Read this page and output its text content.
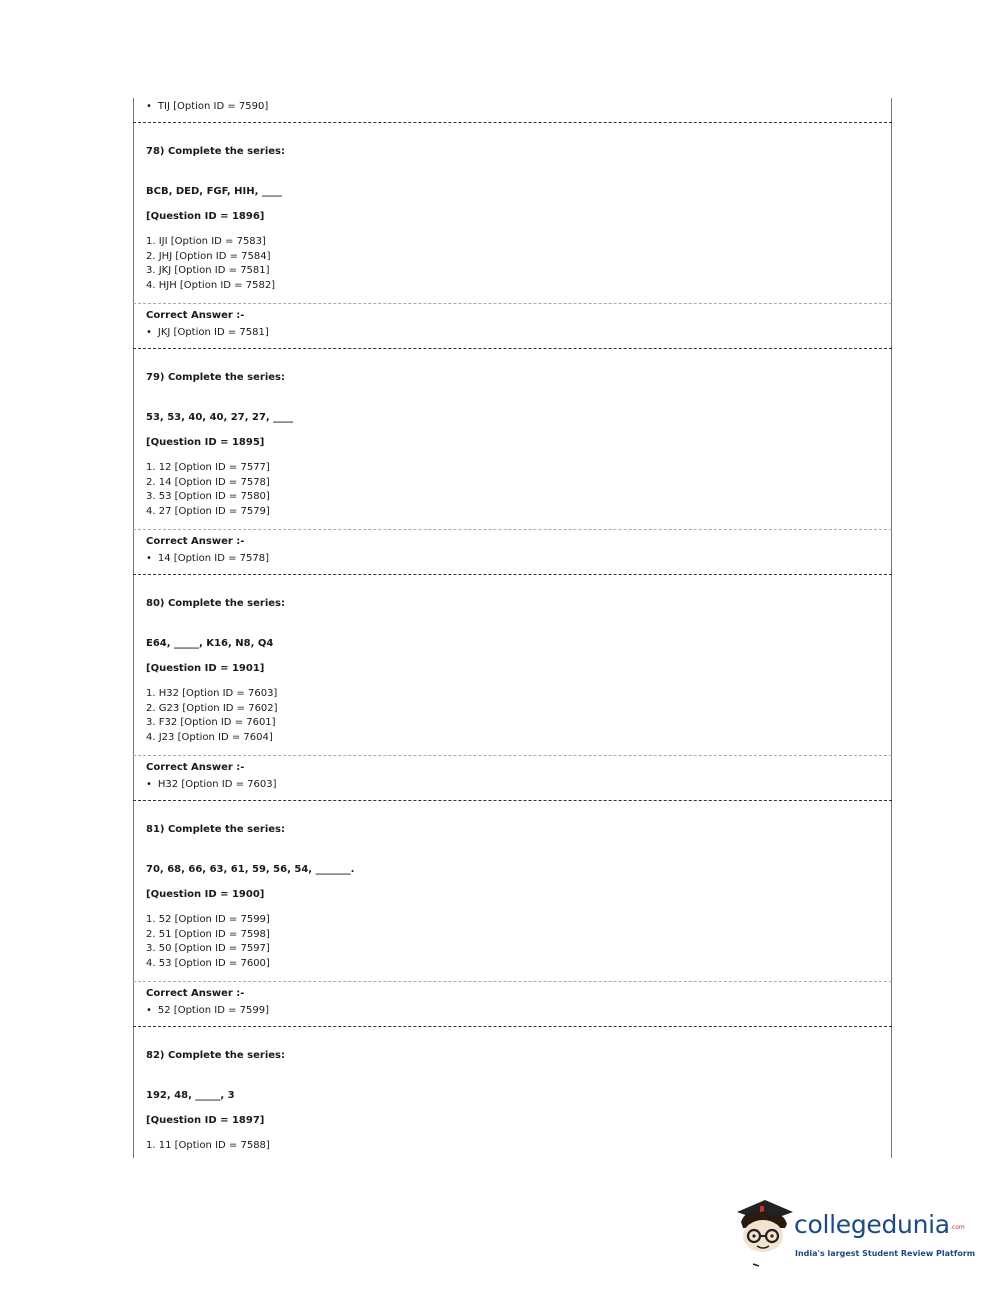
• TIJ [Option ID = 7590]
78) Complete the series:
BCB, DED, FGF, HIH, ____
[Question ID = 1896]
1. IJI [Option ID = 7583]
2. JHJ [Option ID = 7584]
3. JKJ [Option ID = 7581]
4. HJH [Option ID = 7582]
Correct Answer :-
• JKJ [Option ID = 7581]
79) Complete the series:
53, 53, 40, 40, 27, 27, ____
[Question ID = 1895]
1. 12 [Option ID = 7577]
2. 14 [Option ID = 7578]
3. 53 [Option ID = 7580]
4. 27 [Option ID = 7579]
Correct Answer :-
• 14 [Option ID = 7578]
80) Complete the series:
E64, _____, K16, N8, Q4
[Question ID = 1901]
1. H32 [Option ID = 7603]
2. G23 [Option ID = 7602]
3. F32 [Option ID = 7601]
4. J23 [Option ID = 7604]
Correct Answer :-
• H32 [Option ID = 7603]
81) Complete the series:
70, 68, 66, 63, 61, 59, 56, 54, _______.
[Question ID = 1900]
1. 52 [Option ID = 7599]
2. 51 [Option ID = 7598]
3. 50 [Option ID = 7597]
4. 53 [Option ID = 7600]
Correct Answer :-
• 52 [Option ID = 7599]
82) Complete the series:
192, 48, _____, 3
[Question ID = 1897]
1. 11 [Option ID = 7588]
collegedunia .com
India's largest Student Review Platform
